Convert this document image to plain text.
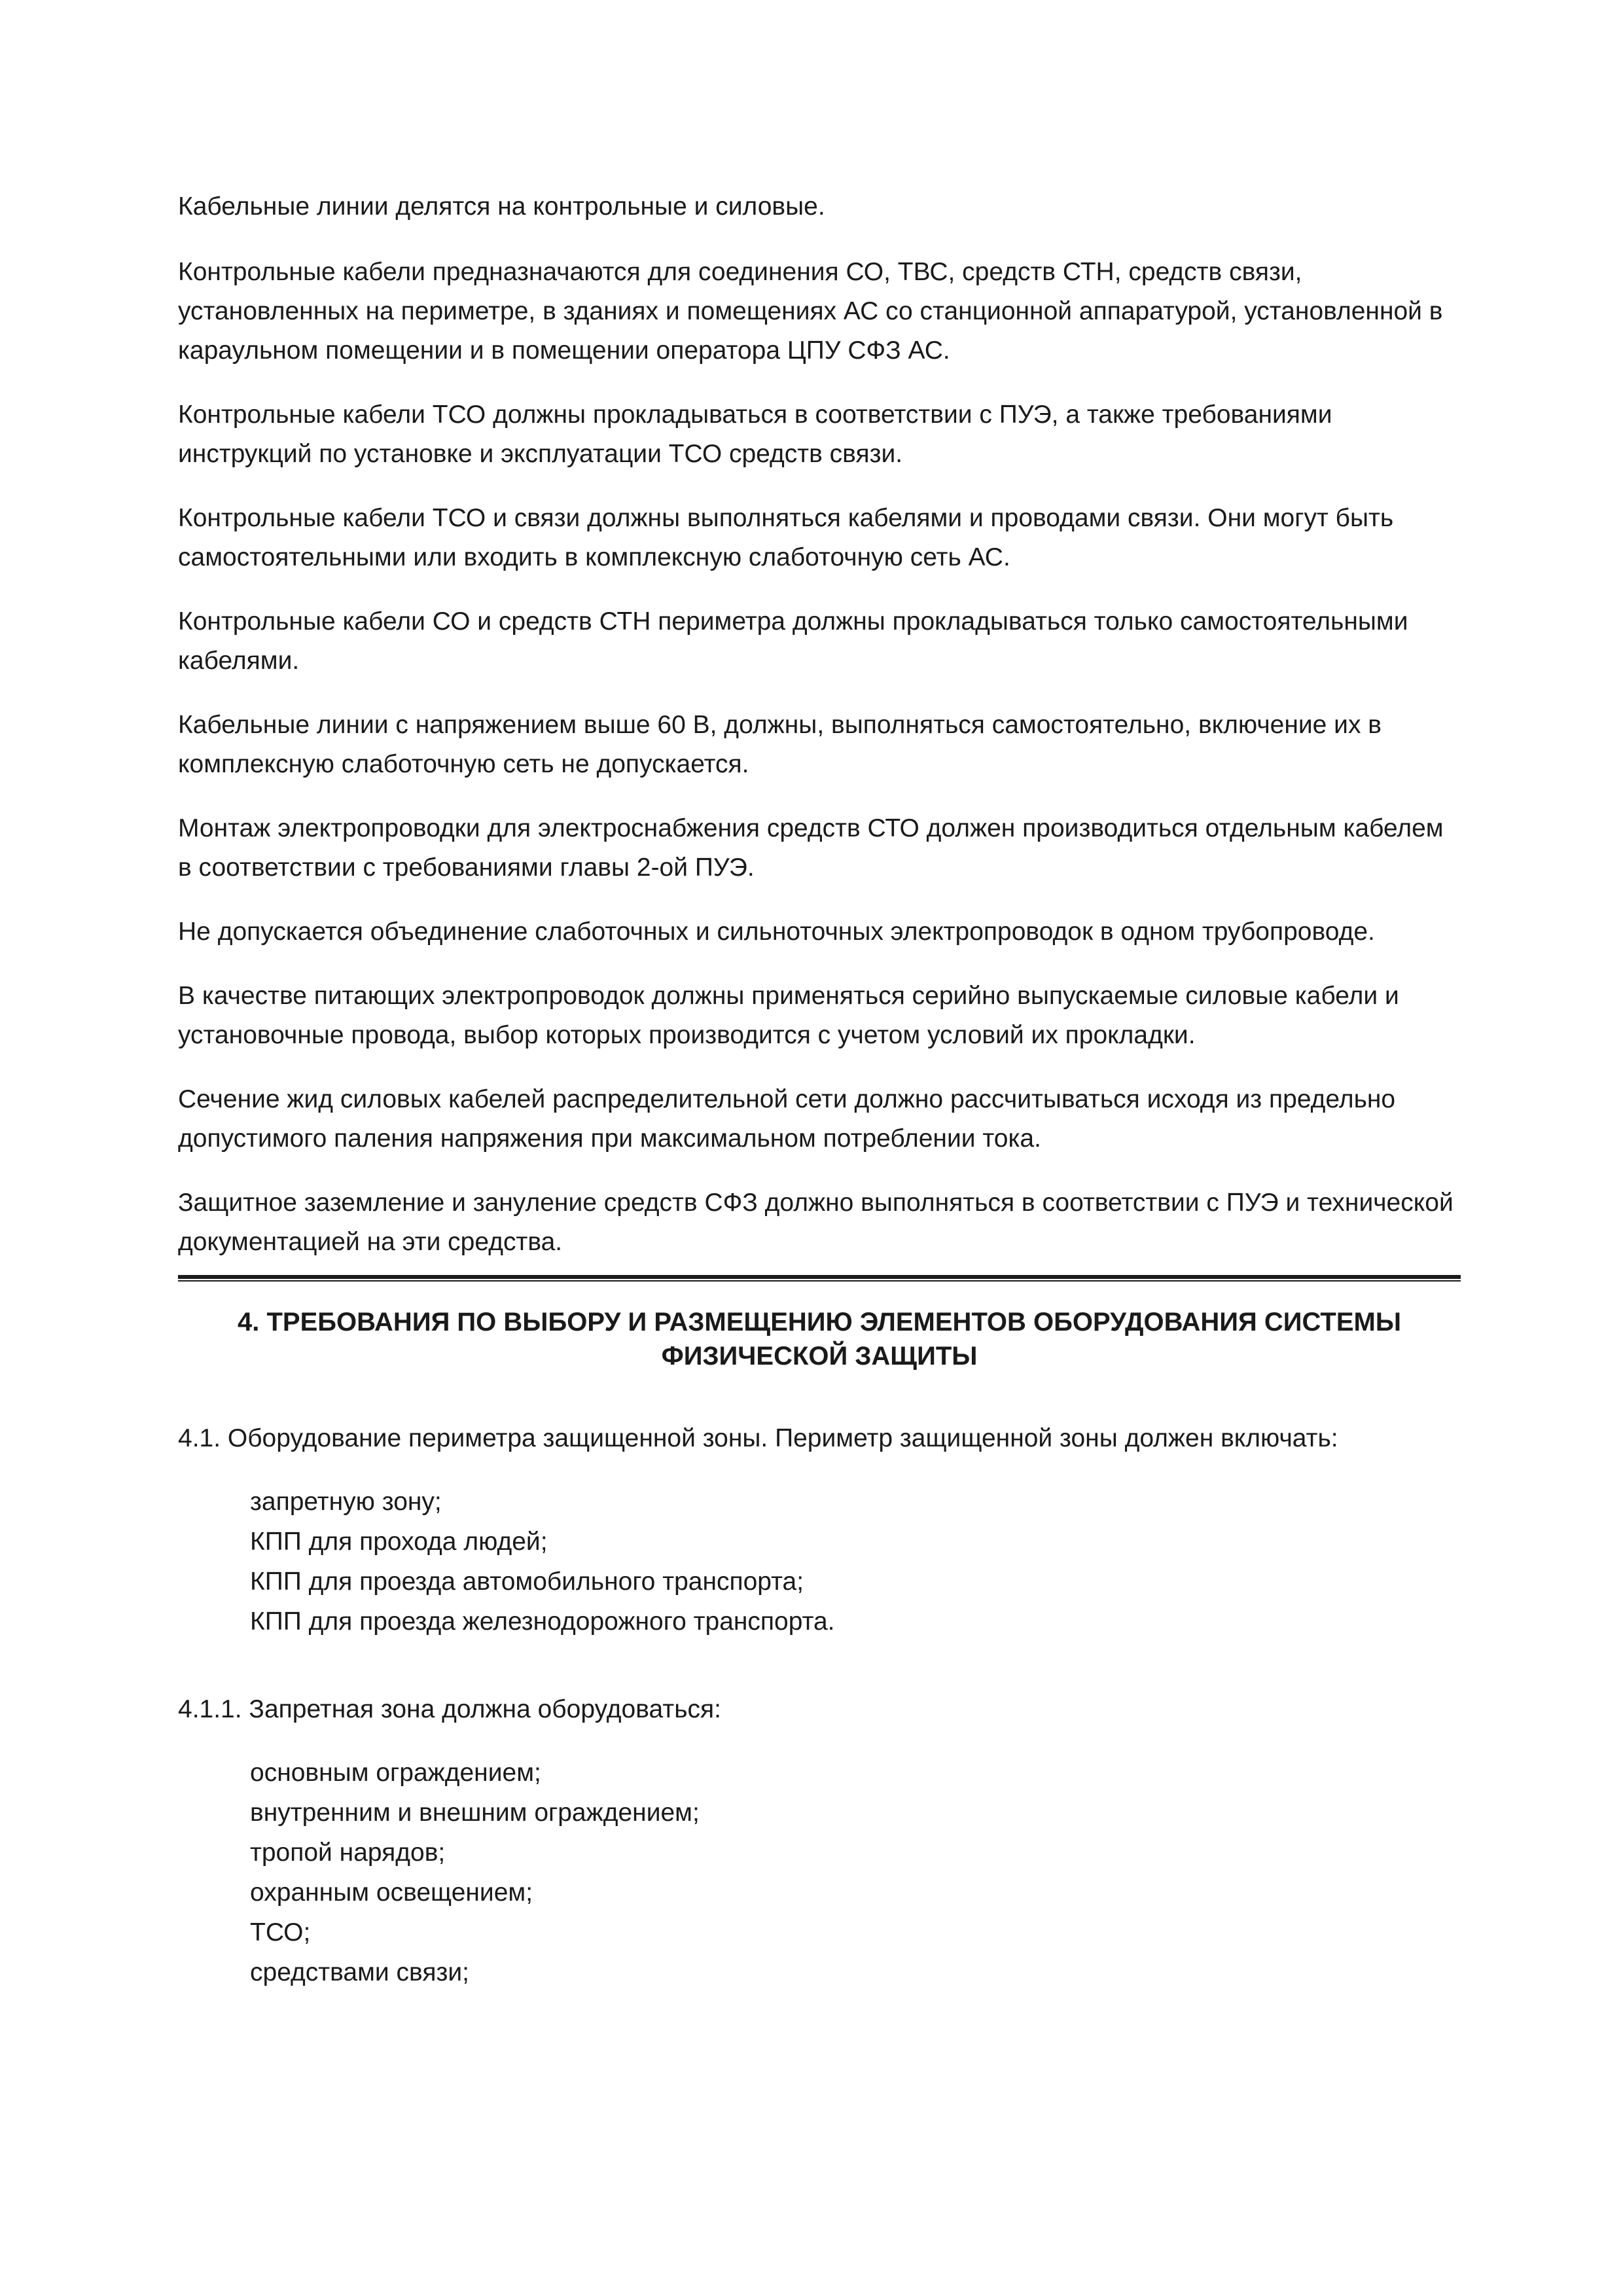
Кабельные линии делятся на контрольные и силовые.

Контрольные кабели предназначаются для соединения СО, ТВС, средств СТН, средств связи, установленных на периметре, в зданиях и помещениях АС со станционной аппаратурой, установленной в караульном помещении и в помещении оператора ЦПУ СФЗ АС.

Контрольные кабели ТСО должны прокладываться в соответствии с ПУЭ, а также требованиями инструкций по установке и эксплуатации ТСО средств связи.

Контрольные кабели ТСО и связи должны выполняться кабелями и проводами связи. Они могут быть самостоятельными или входить в комплексную слаботочную сеть АС.

Контрольные кабели СО и средств СТН периметра должны прокладываться только самостоятельными кабелями.

Кабельные линии с напряжением выше 60 В, должны, выполняться самостоятельно, включение их в комплексную слаботочную сеть не допускается.

Монтаж электропроводки для электроснабжения средств СТО должен производиться отдельным кабелем в соответствии с требованиями главы 2-ой ПУЭ.

Не допускается объединение слаботочных и сильноточных электропроводок в одном трубопроводе.

В качестве питающих электропроводок должны применяться серийно выпускаемые силовые кабели и установочные провода, выбор которых производится с учетом условий их прокладки.

Сечение жид силовых кабелей распределительной сети должно рассчитываться исходя из предельно допустимого паления напряжения при максимальном потреблении тока.

Защитное заземление и зануление средств СФЗ должно выполняться в соответствии с ПУЭ и технической документацией на эти средства.

4. ТРЕБОВАНИЯ ПО ВЫБОРУ И РАЗМЕЩЕНИЮ ЭЛЕМЕНТОВ ОБОРУДОВАНИЯ СИСТЕМЫ
ФИЗИЧЕСКОЙ ЗАЩИТЫ

4.1. Оборудование периметра защищенной зоны. Периметр защищенной зоны должен включать:

запретную зону;
КПП для прохода людей;
КПП для проезда автомобильного транспорта;
КПП для проезда железнодорожного транспорта.

4.1.1. Запретная зона должна оборудоваться:

основным ограждением;
внутренним и внешним ограждением;
тропой нарядов;
охранным освещением;
ТСО;
средствами связи;
